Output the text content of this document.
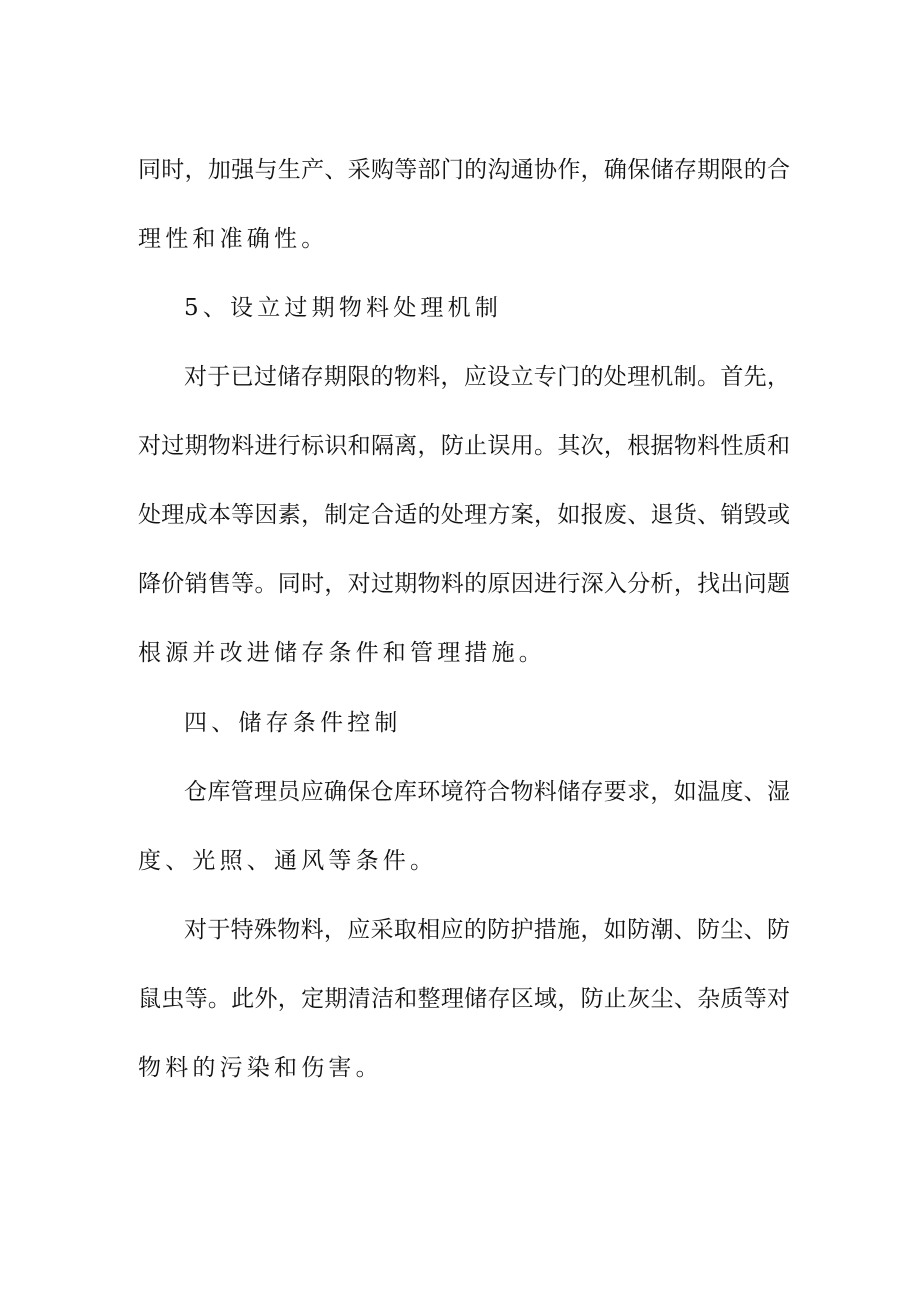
同时，加强与生产、采购等部门的沟通协作，确保储存期限的合
理性和准确性。
5、设立过期物料处理机制
对于已过储存期限的物料，应设立专门的处理机制。首先，
对过期物料进行标识和隔离，防止误用。其次，根据物料性质和
处理成本等因素，制定合适的处理方案，如报废、退货、销毁或
降价销售等。同时，对过期物料的原因进行深入分析，找出问题
根源并改进储存条件和管理措施。
四、储存条件控制
仓库管理员应确保仓库环境符合物料储存要求，如温度、湿
度、光照、通风等条件。
对于特殊物料，应采取相应的防护措施，如防潮、防尘、防
鼠虫等。此外，定期清洁和整理储存区域，防止灰尘、杂质等对
物料的污染和伤害。
